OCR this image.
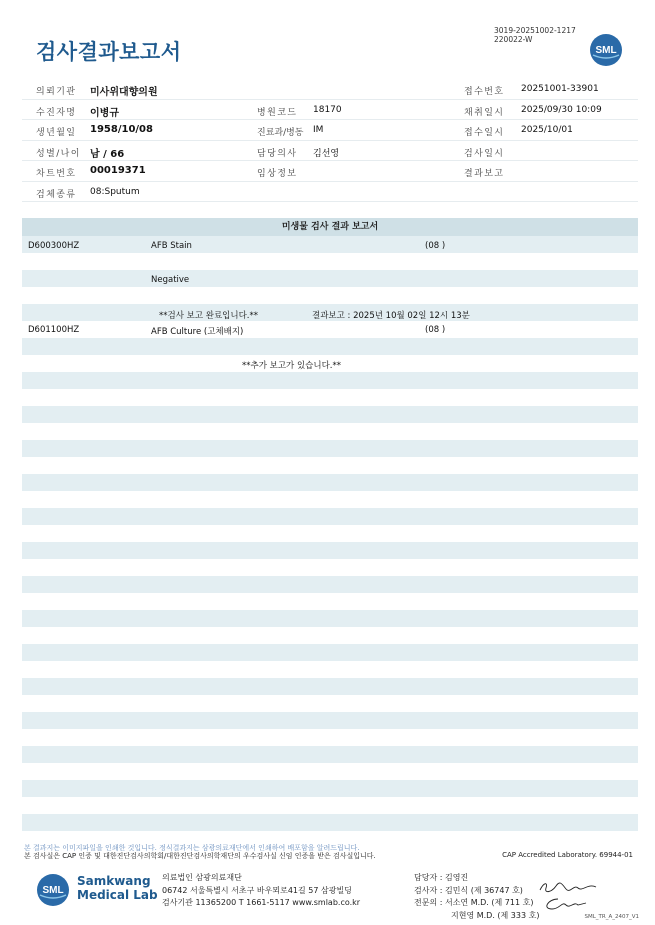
검사결과보고서
3019-20251002-1217
220022-W
SML
의뢰기관 미사위대향의원	접수번호 20251001-33901
수진자명 이병규	병원코드 18170	채취일시 2025/09/30 10:09
생년월일 1958/10/08	진료과/병동 IM	접수일시 2025/10/01
성별/나이 남 / 66	담당의사 김선영	검사일시
차트번호 00019371	임상정보	결과보고
검체종류 08:Sputum
미생물 검사 결과 보고서
D600300HZ	AFB Stain	(08 )
Negative
**검사 보고 완료입니다.**	결과보고 : 2025년 10월 02일 12시 13분
D601100HZ	AFB Culture (고체배지)	(08 )
**추가 보고가 있습니다.**
본 결과지는 이미지파일을 인쇄한 것입니다. 정식결과지는 삼광의료재단에서 인쇄하여 배포함을 알려드립니다.
본 검사실은 CAP 인증 및 대한진단검사의학회/대한진단검사의학재단의 우수검사실 신임 인증을 받은 검사실입니다.	CAP Accredited Laboratory. 69944-01
SML
Samkwang
Medical Lab
의료법인 삼광의료재단
06742 서울특별시 서초구 바우뫼로41길 57 삼광빌딩
검사기관 11365200 T 1661-5117 www.smlab.co.kr
담당자 : 김영진
검사자 : 김민식 (제 36747 호)
전문의 : 서소연 M.D. (제 711 호)
지현영 M.D. (제 333 호)	SML_TR_A_2407_V1
